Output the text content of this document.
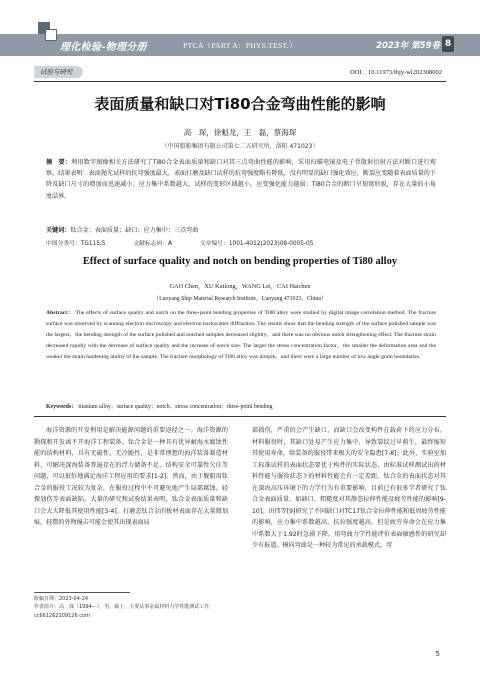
理化检验-物理分册	PTCA（PART A：PHYS.TEST.）	2023年 第59卷 8
试验与研究	DOI：10.11973/lhjy-wl202308002
表面质量和缺口对Ti80合金弯曲性能的影响
高　琛，徐魁龙，王　磊，蔡海琛
（中国船舶集团有限公司第七二五研究所，洛阳 471023）
摘　要：利用数字图像相关方法研究了Ti80合金表面质量和缺口对其三点弯曲性能的影响，采用扫描电镜及电子背散射衍射方法对断口进行观察。结果表明：表面抛光试样的抗弯强度最大，表面打磨及缺口试样的抗弯强度略有降低，没有明显的缺口强化效应，断裂应变随着表面质量的下降及缺口尺寸的增加而迅速减小；应力集中系数越大，试样的变形区域越小，应变强化能力越弱；Ti80合金的断口呈韧窝形貌，存在大量的小角度晶界。
关键词：钛合金；表面质量；缺口；应力集中；三点弯曲
中图分类号：TG115.5	文献标志码：A	文章编号：1001-4012(2023)08-0005-05
Effect of surface quality and notch on bending properties of Ti80 alloy
GAO Chen，XU Kuilong，WANG Lei，CAI Haichen
（Luoyang Ship Material Research Institute，Luoyang 471023，China）
Abstract： The effects of surface quality and notch on the three-point bending properties of Ti80 alloy were studied by digital image correlation method. The fracture surface was observed by scanning electron microscopy and electron backscatter diffraction. The results show that the bending strength of the surface polished sample was the largest，the bending strength of the surface polished and notched samples decreased slightly，and there was no obvious notch strengthening effect. The fracture strain decreased rapidly with the decrease of surface quality and the increase of notch size. The larger the stress concentration factor，the smaller the deformation area and the weaker the strain hardening ability of the sample. The fracture morphology of Ti80 alloy was dimple，and there were a large number of low angle grain boundaries.
Keywords： titanium alloy；surface quality；notch；stress concentration；three-point bending

海洋资源的开发利用是解决能源问题的重要途径之一。海洋资源的勘探和开发离不开海洋工程装备。钛合金是一种具有优异耐海水腐蚀性能的结构材料，具有无磁性、无冷脆性，是非常理想的海洋装备制造材料，可解决深海装备普遍存在的浮力储备不足、结构安全可靠性欠佳等问题，可以很好地满足海洋工程应用的要求[1-2]。然而，由于舰船用钛合金的服役工况较为复杂，在服役过程中不可避免地产生局部腐蚀、轻微划伤等表面缺陷。大量的研究和试验结果表明，钛合金表面质量和缺口会大大降低其使用性能[3-4]。打磨态钛合金的板材表面存在大量微划痕，轻微的外物撞击可能会使其出现表面局

部损伤，严重的会产生缺口，而缺口会改变构件在载荷下的应力分布。材料服役时，其缺口处易产生应力集中，导致裂纹过早萌生，最终缩短其使用寿命，给装备的服役带来极大的安全隐患[7-8]。此外，实验室加工标准试样的表面状态要优于构件的实际状态，由标准试样测试出的材料性能与服役状态下的材料性能会有一定差距。钛合金的表面状态对其在深海高压环境下的力学行为有重要影响，目前已有很多学者研究了钛合金表面质量，如缺口、粗糙度对其静态拉伸性能及疲劳性能的影响[9-10]。田伟等[9]研究了不同缺口对TC17钛合金拉伸性能和低周疲劳性能的影响，应力集中系数越高，抗拉强度越高，但是疲劳寿命会在应力集中系数大于1.92时急剧下降。用弯曲力学性能评价表面敏感性的研究却少有报道。横向弯曲是一种较为常见的承载模式，弯

收稿日期：2023-04-24
作者简介：高　琛（1994—），男，硕士，主要从事金属材料力学性能测试工作，cc661262109126.com
5
